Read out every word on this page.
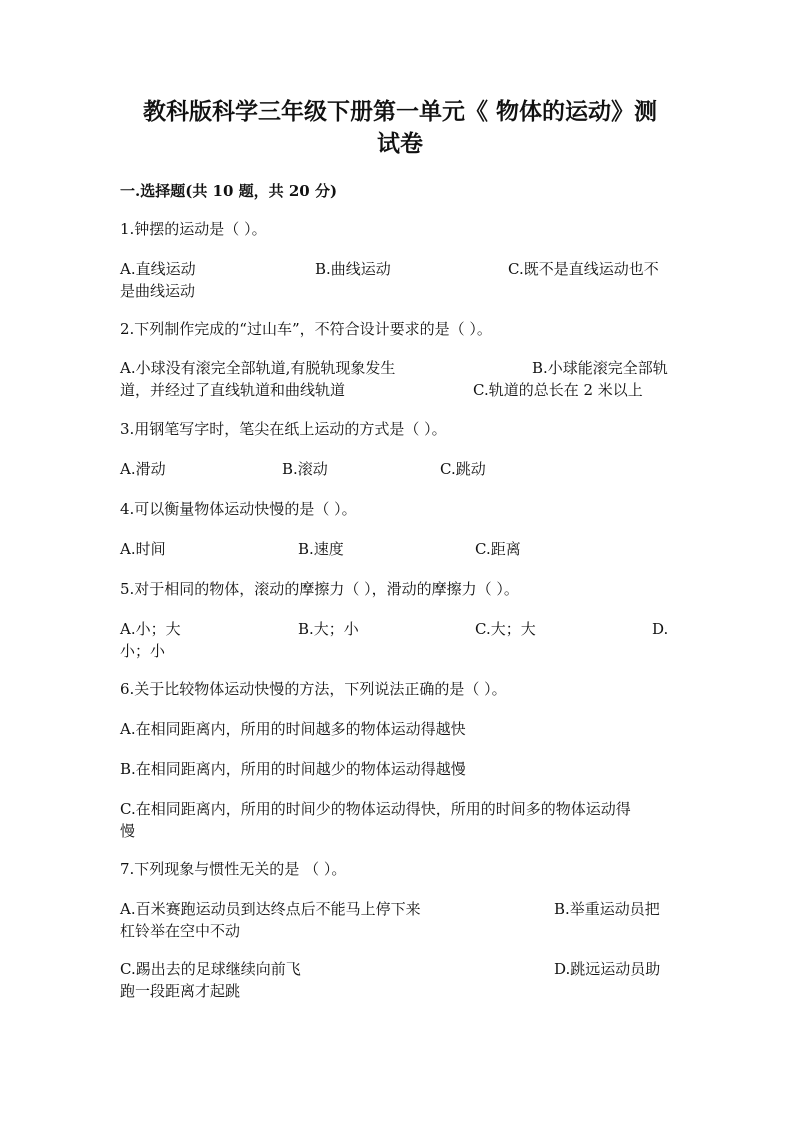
教科版科学三年级下册第一单元《 物体的运动》测
试卷
一.选择题(共 10 题，共 20 分)
1.钟摆的运动是（ ）。
A.直线运动	B.曲线运动	C.既不是直线运动也不
是曲线运动
2.下列制作完成的“过山车”，不符合设计要求的是（ ）。
A.小球没有滚完全部轨道,有脱轨现象发生	B.小球能滚完全部轨
道，并经过了直线轨道和曲线轨道	C.轨道的总长在 2 米以上
3.用钢笔写字时，笔尖在纸上运动的方式是（ ）。
A.滑动	B.滚动	C.跳动
4.可以衡量物体运动快慢的是（ ）。
A.时间	B.速度	C.距离
5.对于相同的物体，滚动的摩擦力（ ），滑动的摩擦力（ ）。
A.小；大	B.大；小	C.大；大	D.
小；小
6.关于比较物体运动快慢的方法，下列说法正确的是（ ）。
A.在相同距离内，所用的时间越多的物体运动得越快
B.在相同距离内，所用的时间越少的物体运动得越慢
C.在相同距离内，所用的时间少的物体运动得快，所用的时间多的物体运动得
慢
7.下列现象与惯性无关的是 （ ）。
A.百米赛跑运动员到达终点后不能马上停下来	B.举重运动员把
杠铃举在空中不动
C.踢出去的足球继续向前飞	D.跳远运动员助
跑一段距离才起跳
